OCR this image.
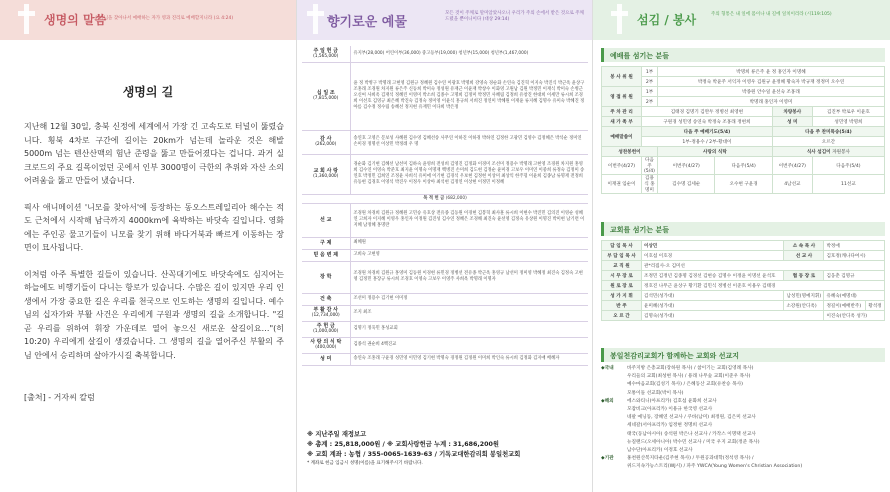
생명의 말씀
하나님을 찾아나서 예배하는 자가 영과 진리로 예배할지니라 (요 4:24)
생명의 길

지난해 12월 30일, 충북 신정에 세계에서 가장 긴 고속도로 터널이 뚫렸습니다. 횡북 4차로 구간에 길이는 20km가 넘는데 놀라운 것은 해발 5000m 넘는 텐산산맥의 험난 준령을 뚫고 만들어졌다는 겁니다. 과거 실크로드의 주요 길목이었던 곳에서 인부 3000명이 극한의 추위와 자산 소의 어려움을 뚫고 만들어 냈습니다.

픽사 애니메이션 '니모를 찾아서'에 등장하는 동오스트레일리아 해수는 적도 근처에서 시작해 남극까지 4000km에 육박하는 바닷속 길입니다. 영화에는 주인공 물고기들이 니모를 찾기 위해 바다거북과 빠르게 이동하는 장면이 묘사됩니다.

이처럼 아주 특별한 길들이 있습니다. 산꼭대기에도 바닷속에도 심지어는 하늘에도 비행기들이 다니는 항로가 있습니다. 수많은 길이 있지만 우리 인생에서 가장 중요한 길은 우리를 천국으로 인도하는 생명의 길입니다. 예수님의 십자가와 부활 사건은 우리에게 구원과 생명의 길을 소개합니다. "길 곧 우리를 위하여 휘장 가운데로 열어 놓으신 새로운 살길이요…"(히 10:20) 우리에게 살길이 생겼습니다. 그 생명의 길을 열어주신 부활의 주님 안에서 승리하며 살아가시길 축복합니다.

[출처] - 거자씨 칼럼
향기로운 예물
모든 것이 주께로 말미암았사오니 우리가 주의 손에서 받은 것으로 주께 드렸을 뿐이니이다 (대상 29:14)
주 일 헌 금
(1,565,000)	유지부(28,000) 어린이부(36,000) 중고등부(19,000) 청년부(15,000) 청년부(1,467,000)

십 일 조
(7,815,000)	윤 정 박병구 박명래 고현영 김원규 정혜원 김수연 이광호 박명희 강영숙 경순화 손연숙 김진혁 이지숙 박진식 박근옥 윤상구 조홍래 조경원 차지원 류은주 신동희 박미숙 정성원 유재근 이윤재 박창수 이화영 고원남 김원 박정민 이재식 박미숙 손병근 오신여 사희옥 김재석 정혜린 이영미 박소희 김종수 고명희 김정미 박정민 사혜림 김정희 유창진 한대희 이세만 류시희 조경희 이선호 김영규 최은혜 박진숙 김정숙 정미영 이윤식 홍규희 서희진 정연미 박혜원 이재윤 류지혜 김명수 유미숙 박혜진 정아름 김수정 정수림 송혜선 정지현 유재민 이다희 박은정

감 사
(262,000)	송연호 고영은 문보성 사혜원 김수영 김혜선송 사무연 이하진 이하경 박하연 김정한 고광민 김영수 김정혜은 박석순 정미연 손미경 정명선 이상민 박정례 우 명

교 회 사 랑
(1,360,000)	경순화 김기현 김혜선 남선미 김하숙 윤영희 전성희 김영진 김정화 이경미 조선미 정용수 박명래 고현영 조경원 차지원 홍영희 김수연 이영숙 박준호 최지윤 이명숙 이명재 백병진 손미희 김도현 김정순 윤미경 고보우 이미연 이중희 류정숙 김정미 송연호 박정민 김희연 조정윤 사희석 유미애 이기현 김경석 우보현 김정현 이상미 최상익 한주형 이윤희 김종남 류명재 전정희 유동현 김경호 이영석 박진우 이정우 이상아 최석현 김정연 이상현 이정민 이정혜
목 적 헌 금 (682,000)	

선 교	조경원 차경희 김원규 정혜원 고민승 유호상 전유종 김동원 이경현 김봉혁 최사훈 류시희 이현수 박진민 김의진 이영순 성혜연 고희자 이지혜 이영우 홍인자 이정원 김진성 김수연 정혜은 조경해 최진숙 윤선영 김정숙 유상원 이명진 박미현 남기련 이지혜 남정혜 홍명란

구 제	최혜원

믿 음 변 제	고희숙 고현영

장 학	조경원 차경희 김원규 홍영미 김동원 이경현 류민경 정병선 전유종 박근옥 홍영규 남선미 정미영 박혜정 최진숙 김정숙 고현영 김정민 홍장규 류시희 조경호 이영숙 고보우 이영주 사희옥 박명래 이명자

건 축	조선미 정용수 김기현 이미정

부 활 감 사
(12,734,000)	조지 최조

주 헌 금
(1,000,000)	김명기 정욱민 홍성교회

사 랑 의 식 탁
(400,000)	김종석 권순희 4백진교

성 미	송연숙 조홍래 구윤경 성민영 이민영 김기현 박명숙 경정원 김정원 이미희 박인숙 류시희 김정화 김지애 배혜자
※ 지난주일 재정보고
※ 총계 : 25,818,000원 / ※ 교회사랑헌금 누계 : 31,686,200원
※ 교회 계좌 : 농협 / 355-0065-1639-63 / 기독교대한감리회 봉일천교회
* 계좌로 헌금 입금시 성명(이름)을 표기해주시기 바랍니다.
섬김 / 봉사	주의 형통은 내 일에 몸이나 내 길에 일치이리라 (시119:105)
예배를 섬기는 분들
봉 사 위 원	1부	박명희 류은주 윤 정 홍인자 이명혜			
	2부	박정숙 박윤주 서익자 이영우 김원규 윤정혜 황숙자 박규재 정정미 오수연			
영 접 위 원	1부	박종원 안수일 윤선숙 조홍래			
	2부	박명래 홍인자 이영미			
주 차 관 리	김태경 김명기 김완두 정병선 최영현			차량봉사	김진부 박로우 이윤호
새 가 족 부	구원경 성민영 송연숙 박정숙 조홍래 정현희			성 미	성민영 박명희
예배말씀이	다음 주 예배기도(5/4)			다음 주 찬미특송(5/4)	
	1부-정용수 / 2부-황대이			오르간	
성찬봉헌이		사랑의 식탁		식사 섬김이 자원봉사	
이번주(4/27)	다음주(5/4)	이번주(4/27)	다음주(5/4)	이번주(4/27)	다음주(5/4)
이재권 임순이	김용식 홍명미	김수명 김세순	오수현 구윤경	4남선교	11선교
교회를 섬기는 분들
담 임 목 사	이상민	소 속 목 사	박정애	
부 담 임 목 사	이호섭 이호경	선 교 사	김호정(캐나다여시)	
교 직 원	관*리집사-오 김미선			
시 무 장 로	조정민 김정년 김종명 김경선 김현승 김명수 이정윤 이명선 윤석호	협 동 장 로	김웅춘 김명규	
원 로 장 로	정호진 나무근 윤상구 황기환 김민식 정병선 이준호 이용우 김태경			
성 가 지 휘	김석민(성가대)	남성민(명예지휘)	유혜숙(예명대)	
반 주	윤미혜(성가대)	소강원(안디옥)	정길이(예배반주)	황석정
오 르 간	김명숙(성가대)		이진숙(안디옥 성가)	
봉일천감리교회가 함께하는 교회와 선교지
◆국내	바주지방 은총교회(장하원 목사) / 참이기는 교회(김영례 목사)
우리들의 교회(최성현 목사) / 용래 나무숲 교회(이준우 목사)
예수마음교회(김성기 목사) / 은혜동산 교회(유찬승 목사)
모퉁이돌 선교회(박이 목사)
◆해외	에스와티니(아프리카) 김호섭 윤화희 선교사
모잠비크(아프리카) 이용규 한국영 선교사
네팔 예닝동, 장혜연 선교사 / 쿠바(남미) 최정원, 김은미 선교사
세네갈(서아프리카) 임정현 정명희 선교사
태국(동남아시아) 송석원 박은나 선교사 / 카작스 이명택 선교사
뉴질랜드(오세아니아) 박수민 선교사 / 미국 우지 교회(정준 목사)
남수단(아프리카) 이정호 선교사
◆기관	홍천원산복지타운(김주현 목사) / 두원공과대학(정석영 목사) /
위드지속가능스트리(WJ시) / 파주 YWCA(Young Women's Christian Association)
